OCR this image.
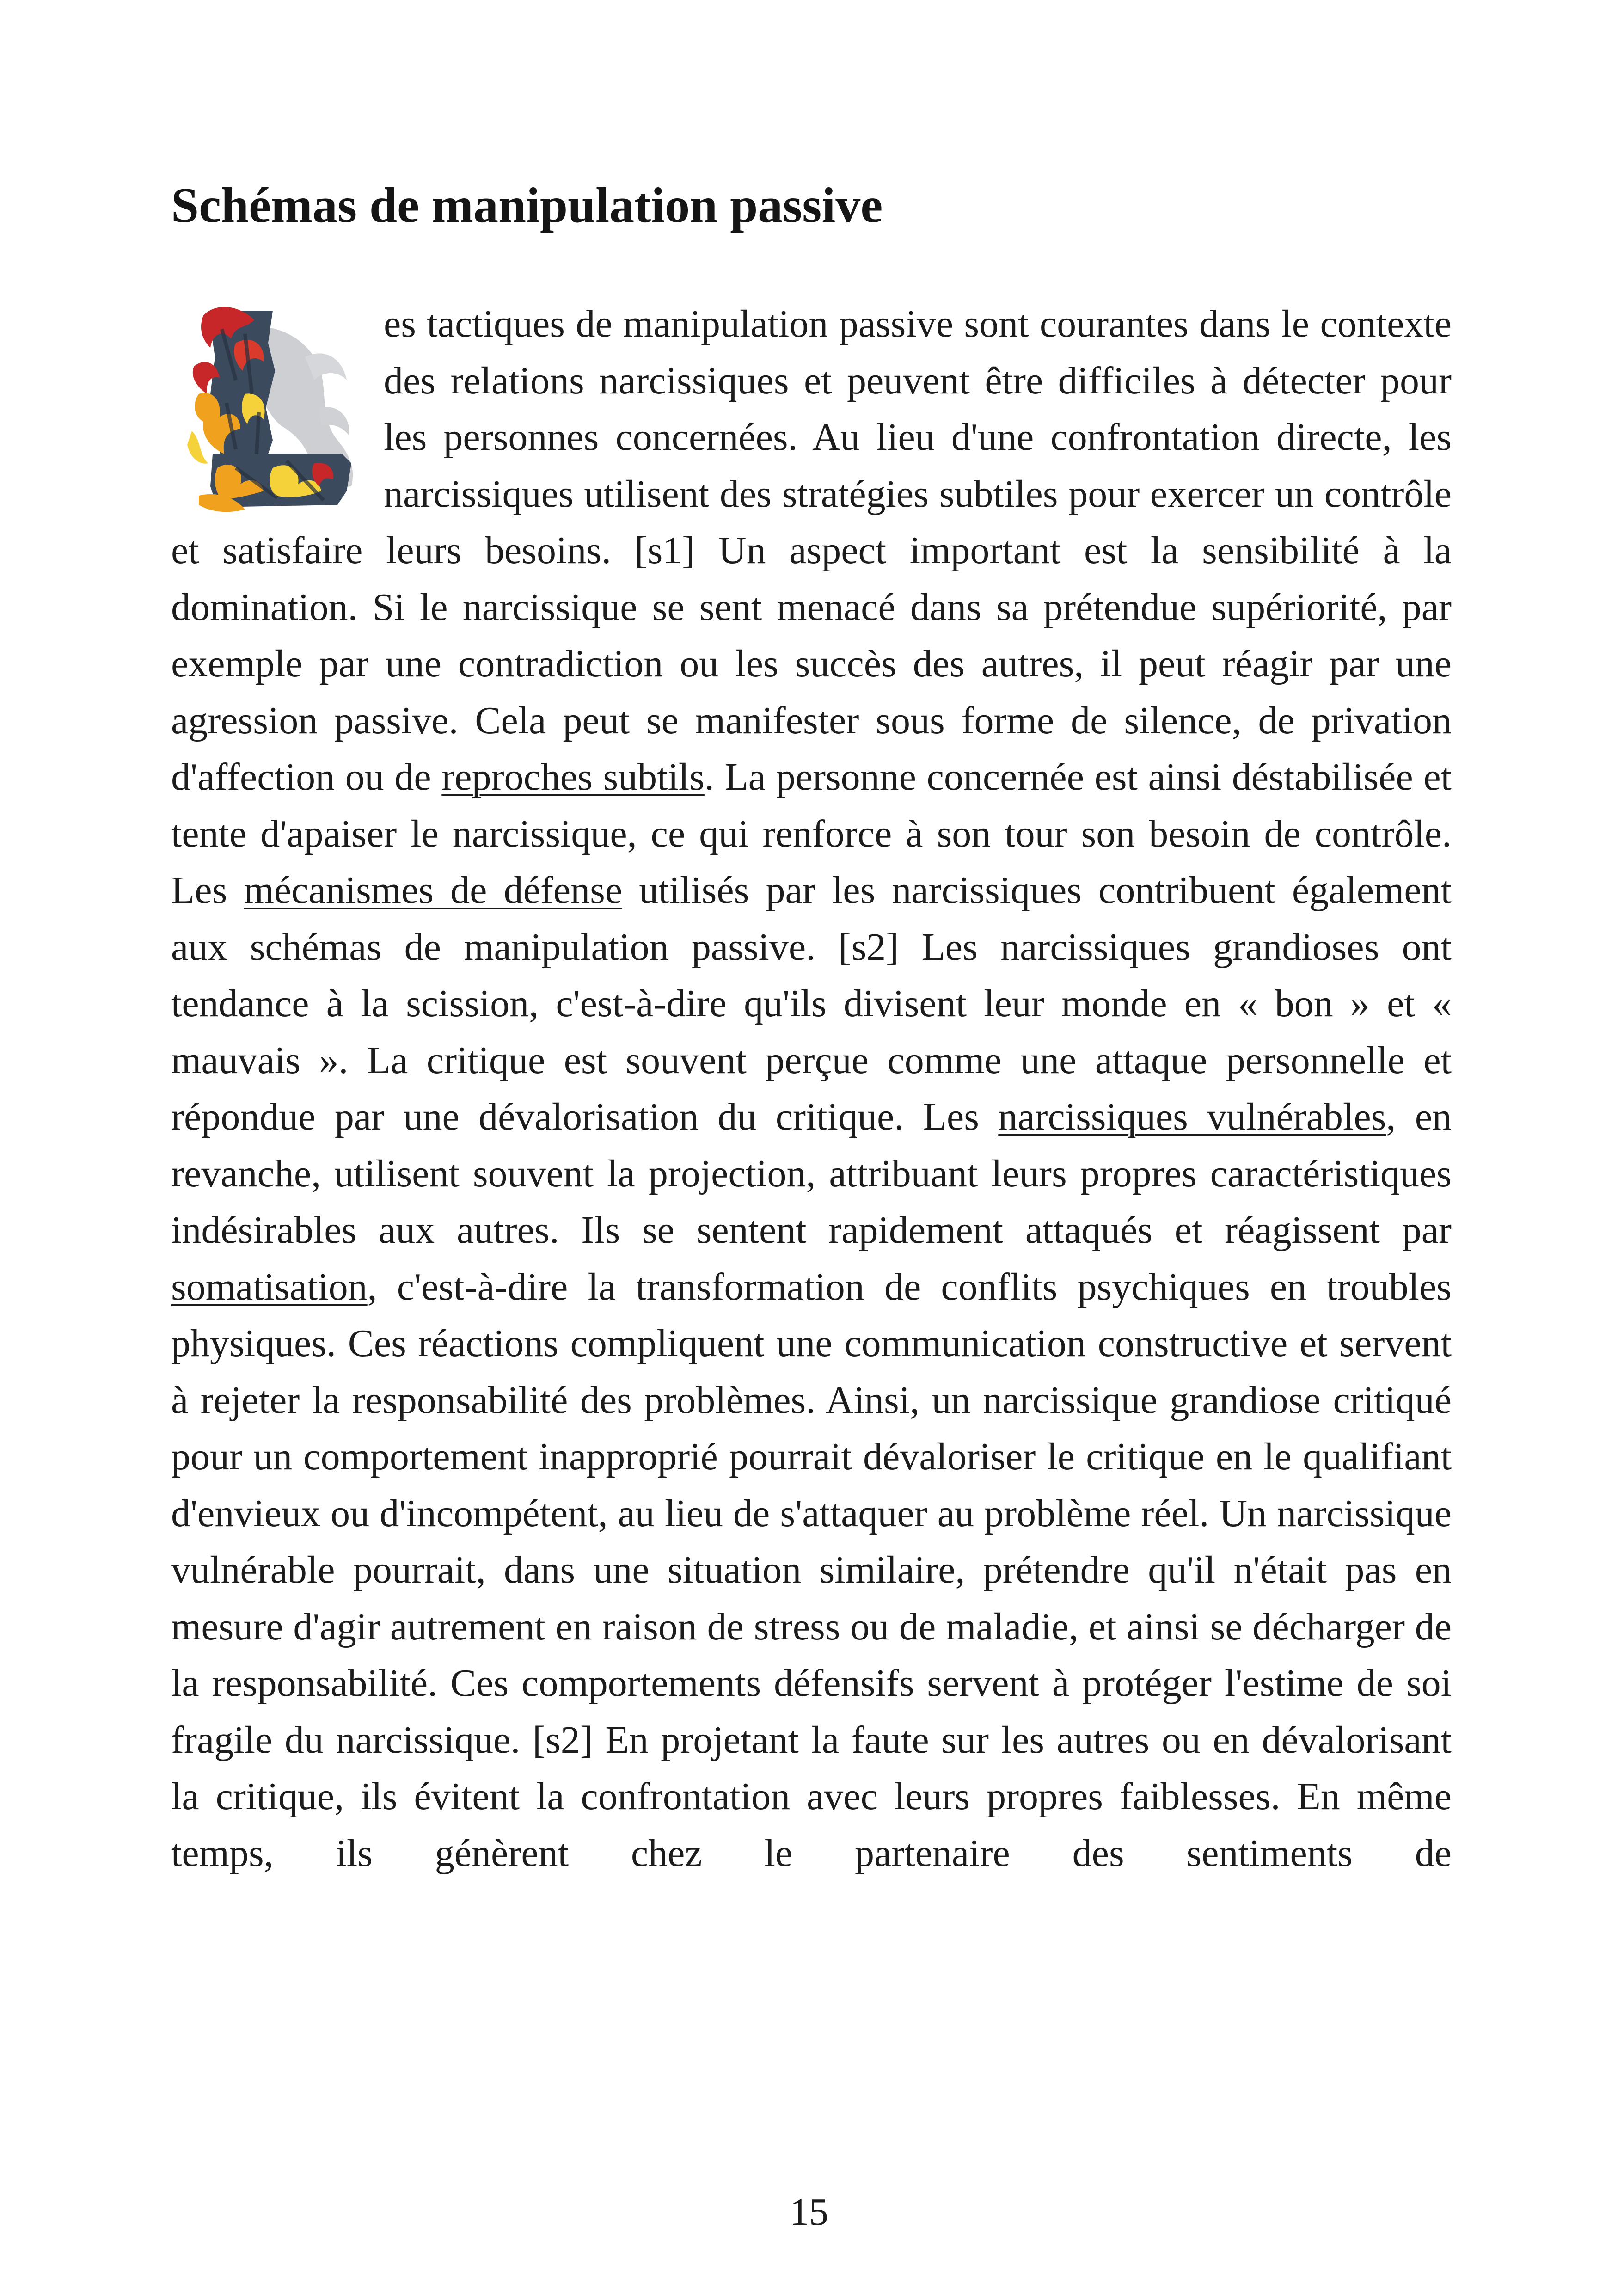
Schémas de manipulation passive

es tactiques de manipulation passive sont courantes dans le contexte des relations narcissiques et peuvent être difficiles à détecter pour les personnes concernées. Au lieu d'une confrontation directe, les narcissiques utilisent des stratégies subtiles pour exercer un contrôle et satisfaire leurs besoins. [s1] Un aspect important est la sensibilité à la domination. Si le narcissique se sent menacé dans sa prétendue supériorité, par exemple par une contradiction ou les succès des autres, il peut réagir par une agression passive. Cela peut se manifester sous forme de silence, de privation d'affection ou de reproches subtils. La personne concernée est ainsi déstabilisée et tente d'apaiser le narcissique, ce qui renforce à son tour son besoin de contrôle. Les mécanismes de défense utilisés par les narcissiques contribuent également aux schémas de manipulation passive. [s2] Les narcissiques grandioses ont tendance à la scission, c'est-à-dire qu'ils divisent leur monde en « bon » et « mauvais ». La critique est souvent perçue comme une attaque personnelle et répondue par une dévalorisation du critique. Les narcissiques vulnérables, en revanche, utilisent souvent la projection, attribuant leurs propres caractéristiques indésirables aux autres. Ils se sentent rapidement attaqués et réagissent par somatisation, c'est-à-dire la transformation de conflits psychiques en troubles physiques. Ces réactions compliquent une communication constructive et servent à rejeter la responsabilité des problèmes. Ainsi, un narcissique grandiose critiqué pour un comportement inapproprié pourrait dévaloriser le critique en le qualifiant d'envieux ou d'incompétent, au lieu de s'attaquer au problème réel. Un narcissique vulnérable pourrait, dans une situation similaire, prétendre qu'il n'était pas en mesure d'agir autrement en raison de stress ou de maladie, et ainsi se décharger de la responsabilité. Ces comportements défensifs servent à protéger l'estime de soi fragile du narcissique. [s2] En projetant la faute sur les autres ou en dévalorisant la critique, ils évitent la confrontation avec leurs propres faiblesses. En même temps, ils génèrent chez le partenaire des sentiments de

15
